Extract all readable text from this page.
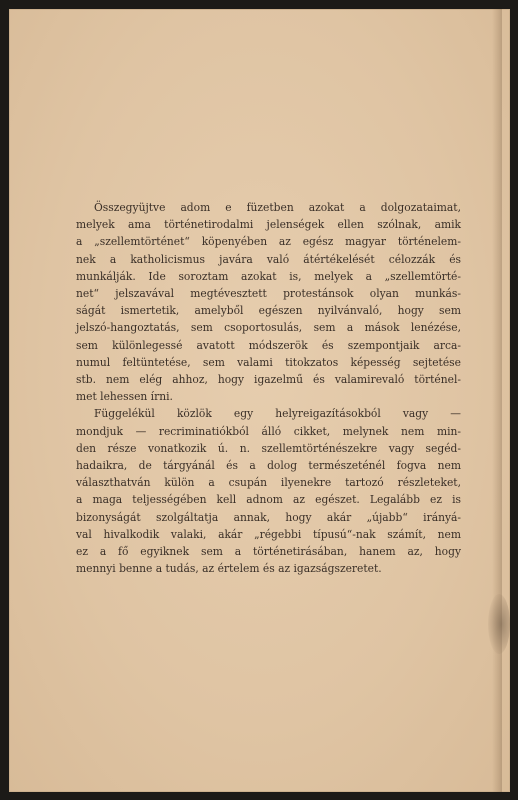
Összegyüjtve adom e füzetben azokat a dolgozataimat,
melyek ama történetirodalmi jelenségek ellen szólnak, amik
a „szellemtörténet“ köpenyében az egész magyar történelem-
nek a katholicismus javára való átértékelését célozzák és
munkálják. Ide soroztam azokat is, melyek a „szellemtörté-
net“ jelszavával megtévesztett protestánsok olyan munkás-
ságát ismertetik, amelyből egészen nyilvánvaló, hogy sem
jelszó-hangoztatás, sem csoportosulás, sem a mások lenézése,
sem különlegessé avatott módszerök és szempontjaik arca-
numul feltüntetése, sem valami titokzatos képesség sejtetése
stb. nem elég ahhoz, hogy igazelmű és valamirevaló történel-
met lehessen írni.

Függelékül közlök egy helyreigazításokból vagy —
mondjuk — recriminatiókból álló cikket, melynek nem min-
den része vonatkozik ú. n. szellemtörténészekre vagy segéd-
hadaikra, de tárgyánál és a dolog természeténél fogva nem
választhatván külön a csupán ilyenekre tartozó részleteket,
a maga teljességében kell adnom az egészet. Legalább ez is
bizonyságát szolgáltatja annak, hogy akár „újabb“ irányá-
val hivalkodik valaki, akár „régebbi típusú“-nak számít, nem
ez a fő egyiknek sem a történetirásában, hanem az, hogy
mennyi benne a tudás, az értelem és az igazságszeretet.
